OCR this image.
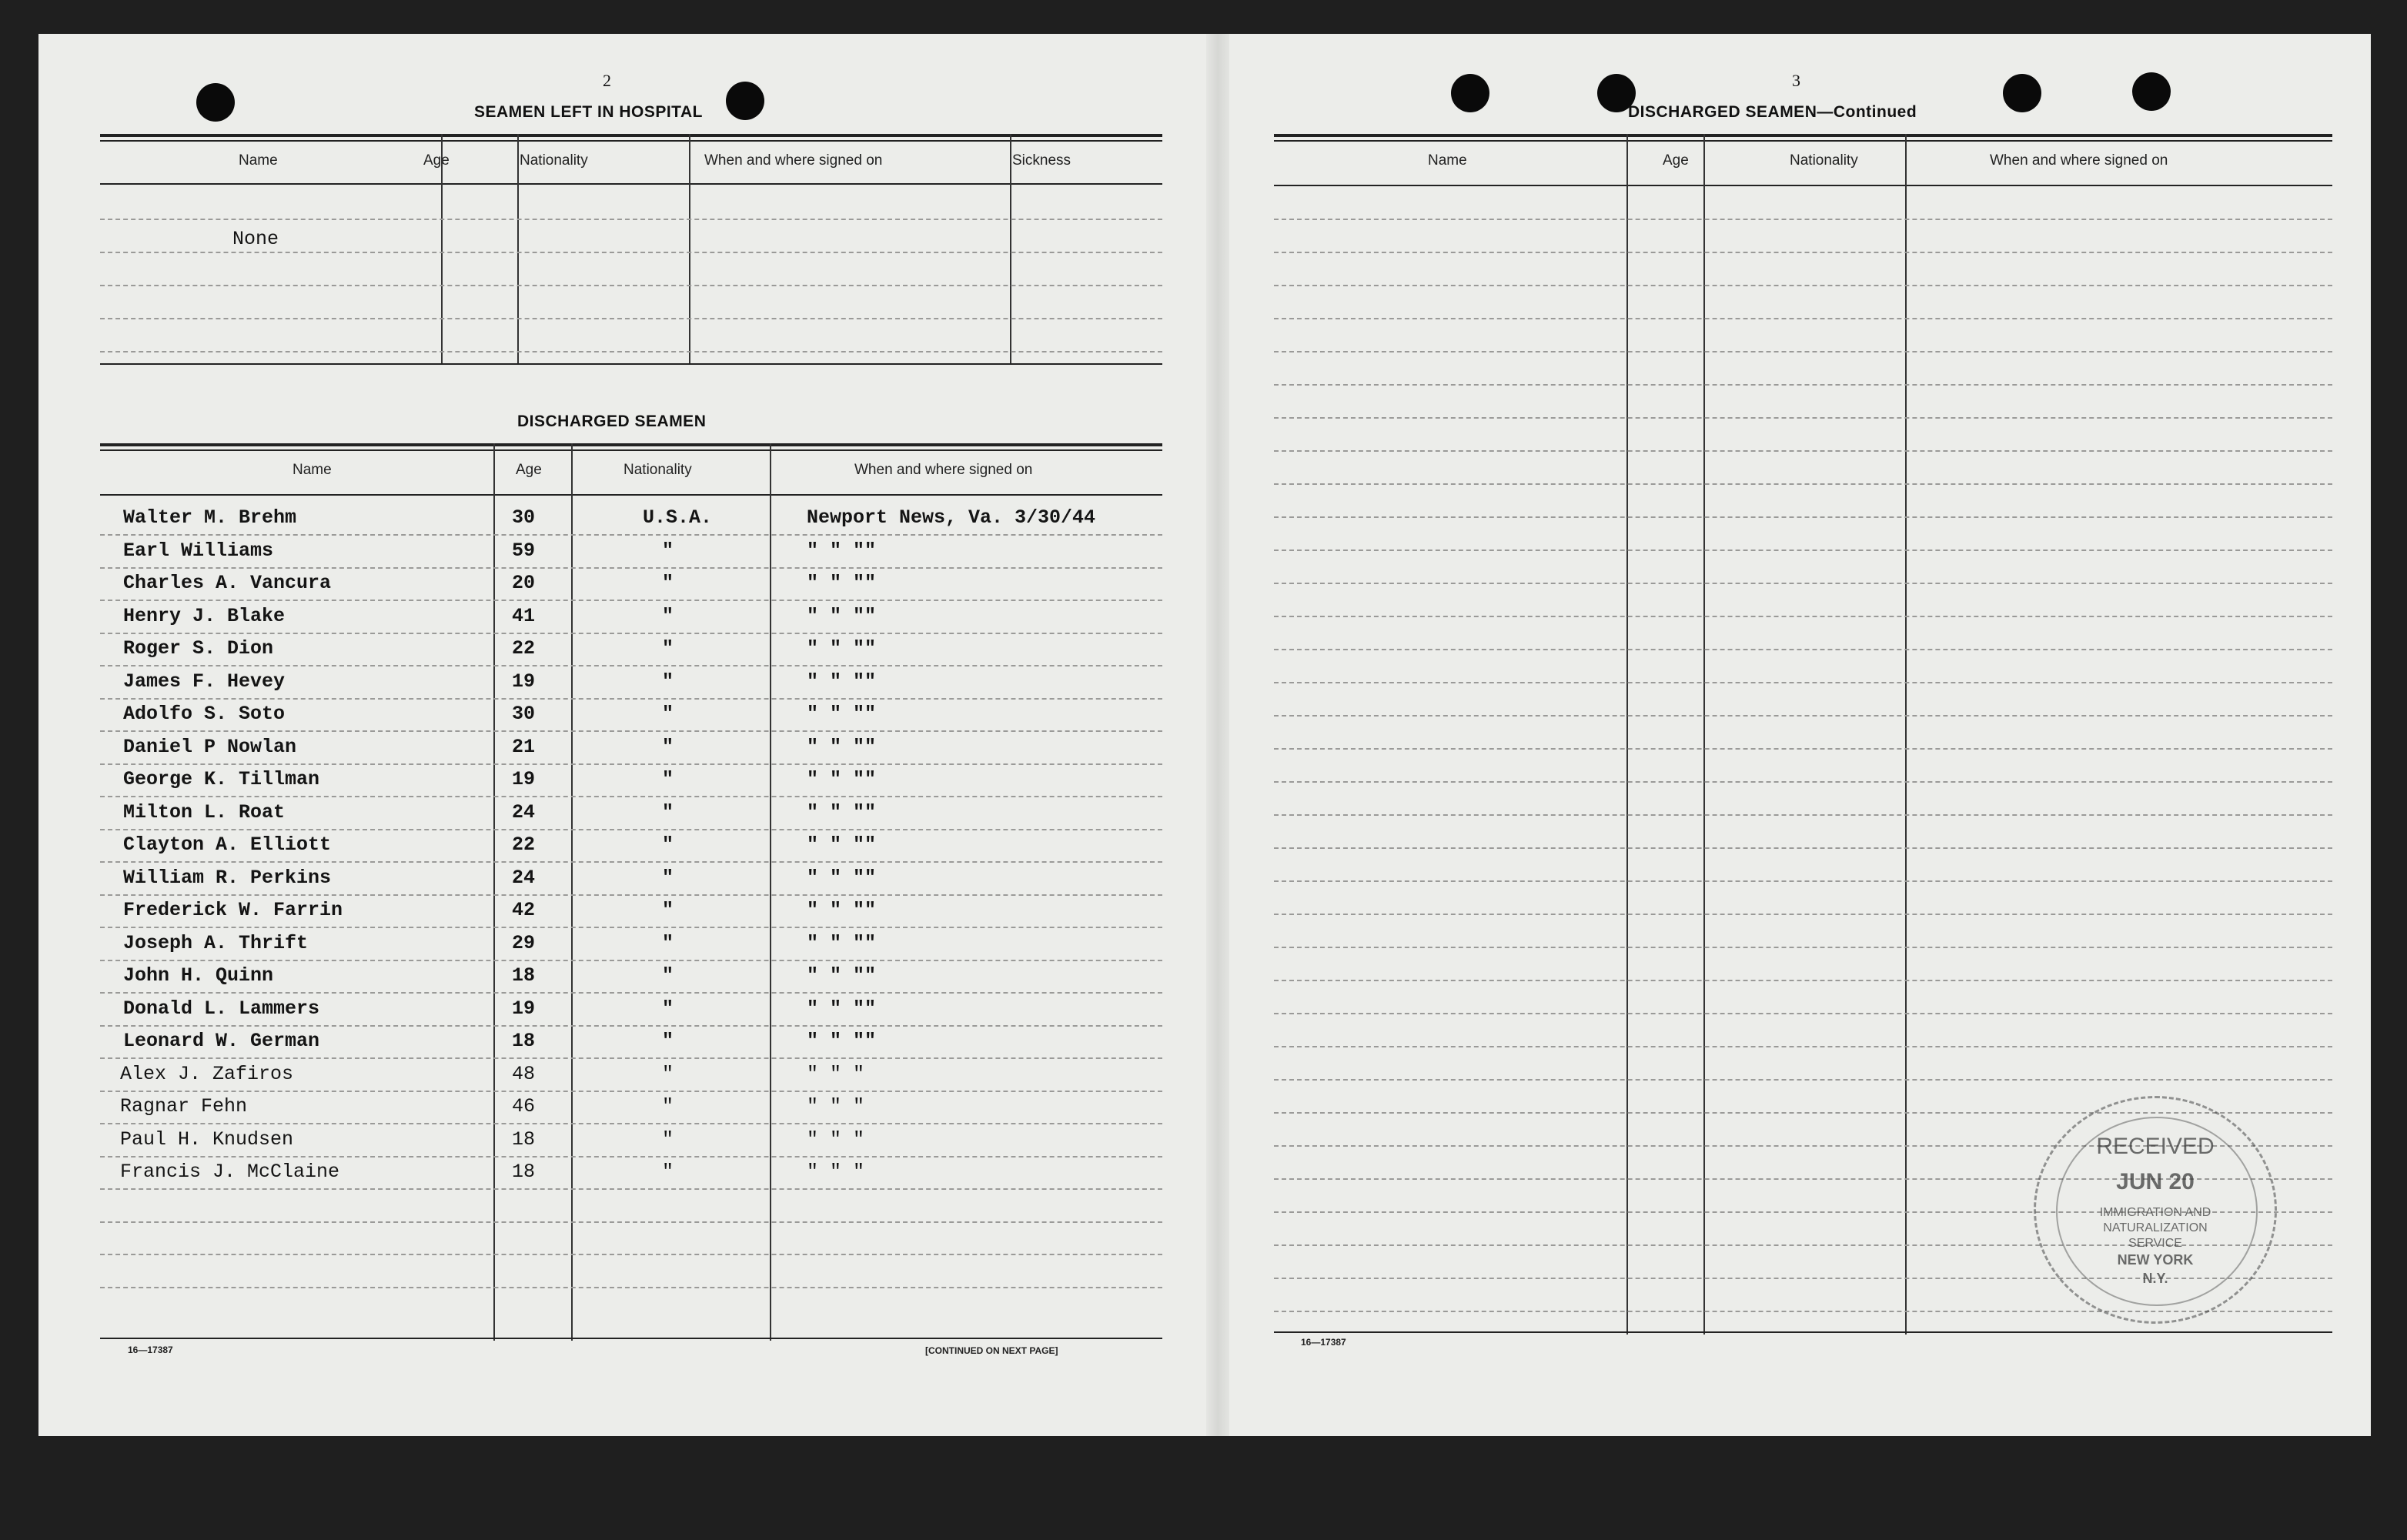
2
SEAMEN LEFT IN HOSPITAL
Name	Age	Nationality	When and where signed on	Sickness
None
DISCHARGED SEAMEN
Name	Age	Nationality	When and where signed on
Walter M. Brehm	30	U.S.A.	Newport News, Va. 3/30/44
Earl Williams	59	"	" " ""
Charles A. Vancura	20	"	" " ""
Henry J. Blake	41	"	" " ""
Roger S. Dion	22	"	" " ""
James F. Hevey	19	"	" " ""
Adolfo S. Soto	30	"	" " ""
Daniel P Nowlan	21	"	" " ""
George K. Tillman	19	"	" " ""
Milton L. Roat	24	"	" " ""
Clayton A. Elliott	22	"	" " ""
William R. Perkins	24	"	" " ""
Frederick W. Farrin	42	"	" " ""
Joseph A. Thrift	29	"	" " ""
John H. Quinn	18	"	" " ""
Donald L. Lammers	19	"	" " ""
Leonard W. German	18	"	" " ""
Alex J. Zafiros	48	"	" " "
Ragnar Fehn	46	"	" " "
Paul H. Knudsen	18	"	" " "
Francis J. McClaine	18	"	" " "
16—17387	[CONTINUED ON NEXT PAGE]
3
DISCHARGED SEAMEN—Continued
Name	Age	Nationality	When and where signed on
16—17387
RECEIVED
JUN 20
IMMIGRATION AND
NATURALIZATION
SERVICE
NEW YORK
N.Y.
